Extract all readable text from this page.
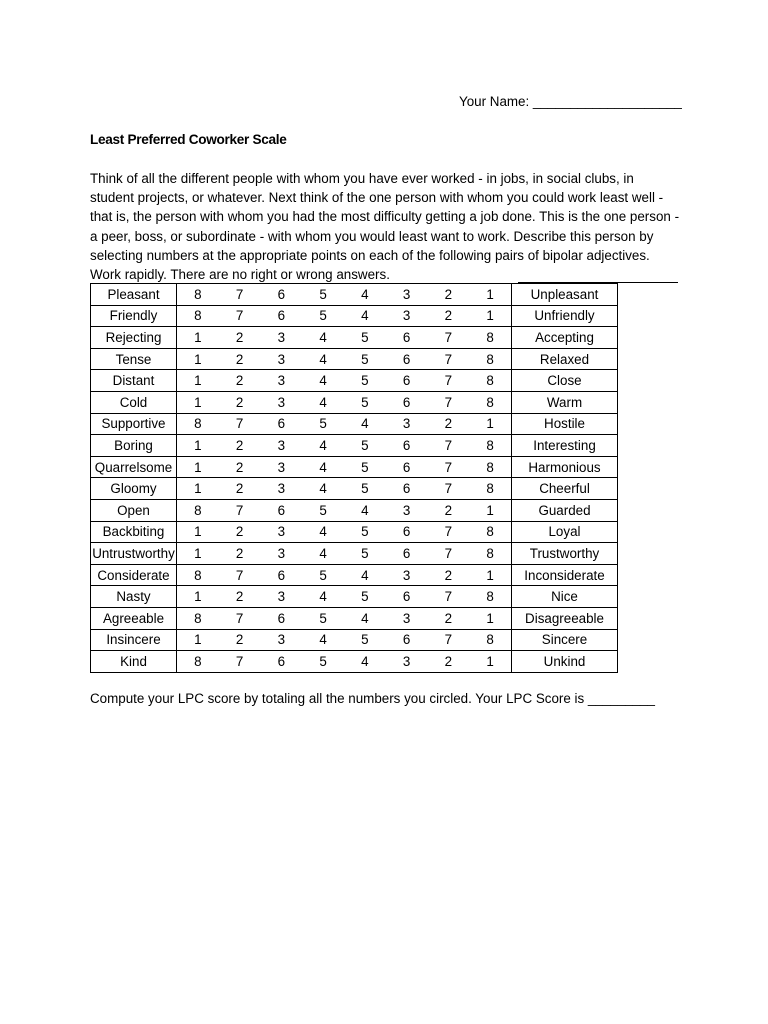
Your Name: ____________________
Least Preferred Coworker Scale

Think of all the different people with whom you have ever worked - in jobs, in social clubs, in student projects, or whatever. Next think of the one person with whom you could work least well - that is, the person with whom you had the most difficulty getting a job done. This is the one person - a peer, boss, or subordinate - with whom you would least want to work. Describe this person by selecting numbers at the appropriate points on each of the following pairs of bipolar adjectives. Work rapidly. There are no right or wrong answers.

Pleasant	8	7	6	5	4	3	2	1	Unpleasant
Friendly	8	7	6	5	4	3	2	1	Unfriendly
Rejecting	1	2	3	4	5	6	7	8	Accepting
Tense	1	2	3	4	5	6	7	8	Relaxed
Distant	1	2	3	4	5	6	7	8	Close
Cold	1	2	3	4	5	6	7	8	Warm
Supportive	8	7	6	5	4	3	2	1	Hostile
Boring	1	2	3	4	5	6	7	8	Interesting
Quarrelsome	1	2	3	4	5	6	7	8	Harmonious
Gloomy	1	2	3	4	5	6	7	8	Cheerful
Open	8	7	6	5	4	3	2	1	Guarded
Backbiting	1	2	3	4	5	6	7	8	Loyal
Untrustworthy	1	2	3	4	5	6	7	8	Trustworthy
Considerate	8	7	6	5	4	3	2	1	Inconsiderate
Nasty	1	2	3	4	5	6	7	8	Nice
Agreeable	8	7	6	5	4	3	2	1	Disagreeable
Insincere	1	2	3	4	5	6	7	8	Sincere
Kind	8	7	6	5	4	3	2	1	Unkind
Compute your LPC score by totaling all the numbers you circled. Your LPC Score is _________
